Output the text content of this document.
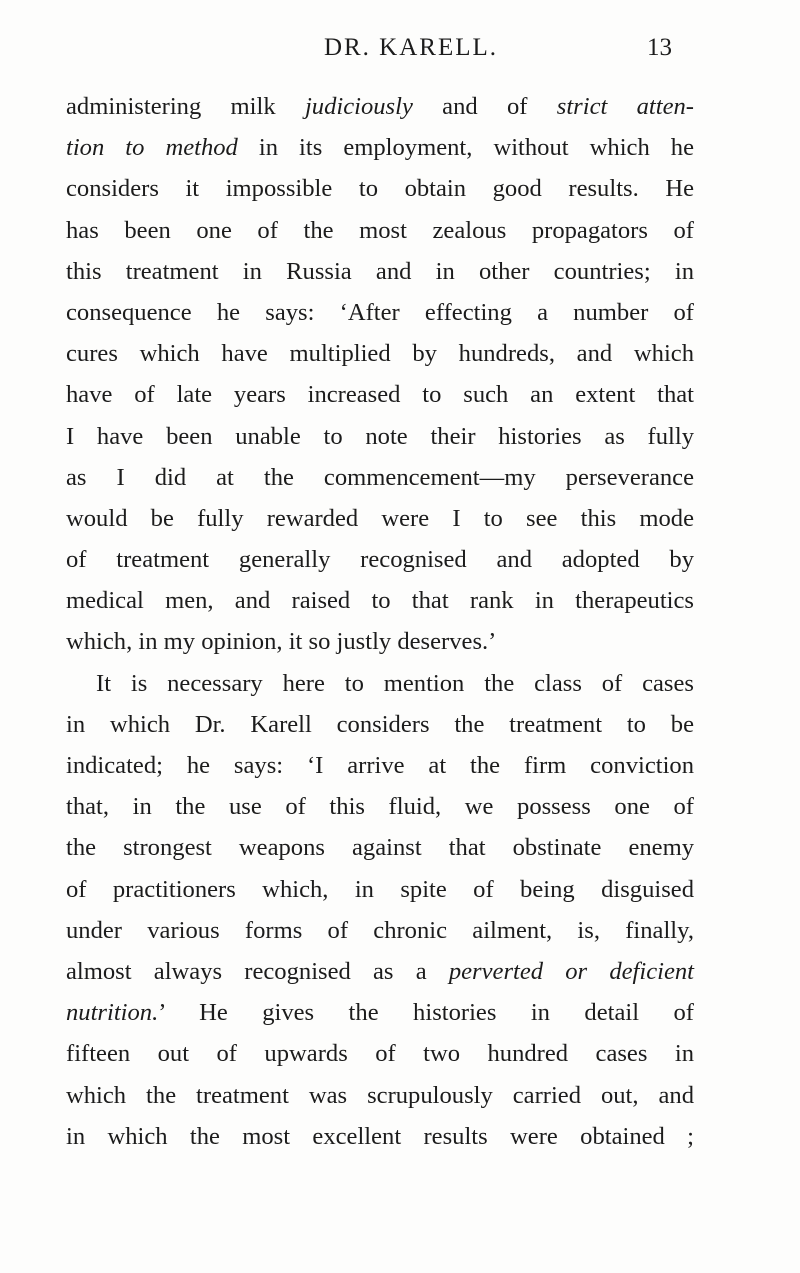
DR. KARELL.	13
administering milk judiciously and of strict atten-
tion to method in its employment, without which he
considers it impossible to obtain good results. He
has been one of the most zealous propagators of
this treatment in Russia and in other countries; in
consequence he says: ‘After effecting a number of
cures which have multiplied by hundreds, and which
have of late years increased to such an extent that
I have been unable to note their histories as fully
as I did at the commencement—my perseverance
would be fully rewarded were I to see this mode
of treatment generally recognised and adopted by
medical men, and raised to that rank in therapeutics
which, in my opinion, it so justly deserves.’
It is necessary here to mention the class of cases
in which Dr. Karell considers the treatment to be
indicated; he says: ‘I arrive at the firm conviction
that, in the use of this fluid, we possess one of
the strongest weapons against that obstinate enemy
of practitioners which, in spite of being disguised
under various forms of chronic ailment, is, finally,
almost always recognised as a perverted or deficient
nutrition.’ He gives the histories in detail of
fifteen out of upwards of two hundred cases in
which the treatment was scrupulously carried out, and
in which the most excellent results were obtained ;
